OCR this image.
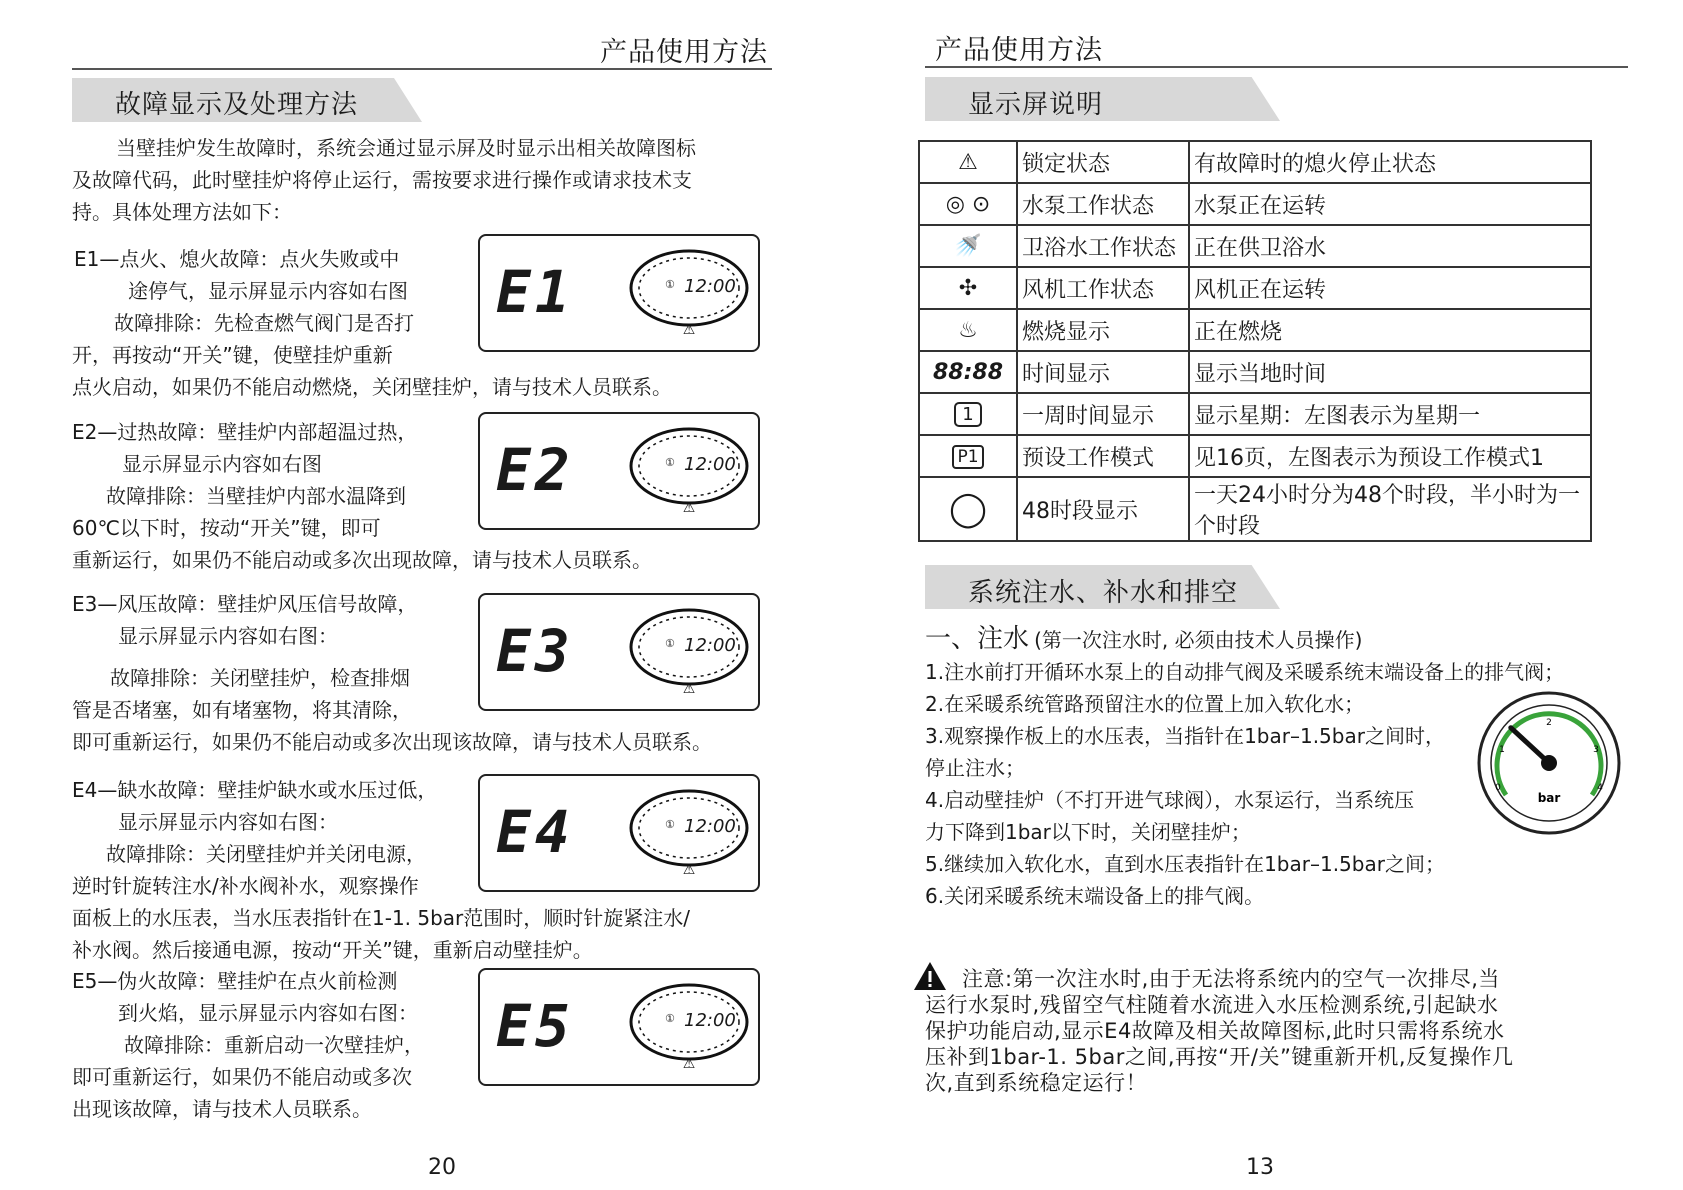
产品使用方法
故障显示及处理方法
当壁挂炉发生故障时，系统会通过显示屏及时显示出相关故障图标
及故障代码，此时壁挂炉将停止运行，需按要求进行操作或请求技术支
持。具体处理方法如下：
E1—点火、熄火故障：点火失败或中
途停气，显示屏显示内容如右图
故障排除：先检查燃气阀门是否打
开，再按动“开关”键，使壁挂炉重新
点火启动，如果仍不能启动燃烧，关闭壁挂炉，请与技术人员联系。
E2—过热故障：壁挂炉内部超温过热，
显示屏显示内容如右图
故障排除：当壁挂炉内部水温降到
60℃以下时，按动“开关”键，即可
重新运行，如果仍不能启动或多次出现故障，请与技术人员联系。
E3—风压故障：壁挂炉风压信号故障，
显示屏显示内容如右图：
故障排除：关闭壁挂炉，检查排烟
管是否堵塞，如有堵塞物，将其清除，
即可重新运行，如果仍不能启动或多次出现该故障，请与技术人员联系。
E4—缺水故障：壁挂炉缺水或水压过低，
显示屏显示内容如右图：
故障排除：关闭壁挂炉并关闭电源，
逆时针旋转注水/补水阀补水，观察操作
面板上的水压表，当水压表指针在1-1. 5bar范围时，顺时针旋紧注水/
补水阀。然后接通电源，按动“开关”键，重新启动壁挂炉。
E5—伪火故障：壁挂炉在点火前检测
到火焰，显示屏显示内容如右图：
故障排除：重新启动一次壁挂炉，
即可重新运行，如果仍不能启动或多次
出现该故障，请与技术人员联系。
E1
⚠
12:00
①
E2
⚠
12:00
①
E3
⚠
12:00
①
E4
⚠
12:00
①
E5
⚠
12:00
①
20
产品使用方法
显示屏说明
⚠	锁定状态	有故障时的熄火停止状态
◎ ⊙	水泵工作状态	水泵正在运转
🚿	卫浴水工作状态	正在供卫浴水
✣	风机工作状态	风机正在运转
♨	燃烧显示	正在燃烧
88:88	时间显示	显示当地时间
1	一周时间显示	显示星期：左图表示为星期一
P1	预设工作模式	见16页，左图表示为预设工作模式1
◯	48时段显示	一天24小时分为48个时段，半小时为一个时段
系统注水、补水和排空
一、注水 (第一次注水时, 必须由技术人员操作)
1.注水前打开循环水泵上的自动排气阀及采暖系统末端设备上的排气阀；
2.在采暖系统管路预留注水的位置上加入软化水；
3.观察操作板上的水压表，当指针在1bar–1.5bar之间时，
停止注水；
4.启动壁挂炉（不打开进气球阀），水泵运行，当系统压
力下降到1bar以下时，关闭壁挂炉；
5.继续加入软化水，直到水压表指针在1bar–1.5bar之间；
6.关闭采暖系统末端设备上的排气阀。
0
1
2
3
4
bar
注意:第一次注水时,由于无法将系统内的空气一次排尽,当
运行水泵时,残留空气柱随着水流进入水压检测系统,引起缺水
保护功能启动,显示E4故障及相关故障图标,此时只需将系统水
压补到1bar-1. 5bar之间,再按“开/关”键重新开机,反复操作几
次,直到系统稳定运行！
13
